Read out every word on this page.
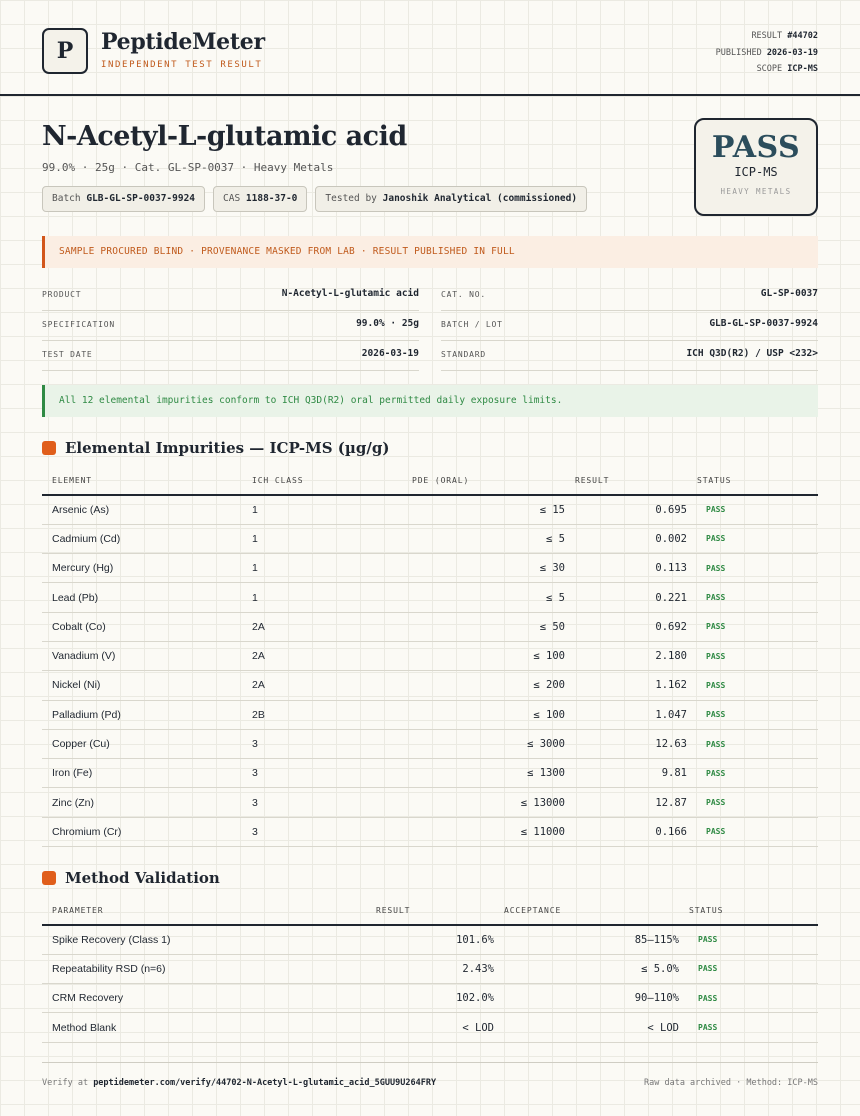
P	PeptideMeter
INDEPENDENT TEST RESULT
RESULT #44702
PUBLISHED 2026-03-19
SCOPE ICP-MS
N-Acetyl-L-glutamic acid
99.0% · 25g · Cat. GL-SP-0037 · Heavy Metals
Batch GLB-GL-SP-0037-9924	CAS 1188-37-0	Tested by Janoshik Analytical (commissioned)
PASS
ICP-MS
HEAVY METALS
SAMPLE PROCURED BLIND · PROVENANCE MASKED FROM LAB · RESULT PUBLISHED IN FULL
PRODUCT	N-Acetyl-L-glutamic acid
SPECIFICATION	99.0% · 25g
TEST DATE	2026-03-19
CAT. NO.	GL-SP-0037
BATCH / LOT	GLB-GL-SP-0037-9924
STANDARD	ICH Q3D(R2) / USP <232>
All 12 elemental impurities conform to ICH Q3D(R2) oral permitted daily exposure limits.
Elemental Impurities — ICP-MS (µg/g)
ELEMENT	ICH CLASS	PDE (ORAL)	RESULT	STATUS
Arsenic (As)	1	≤ 15	0.695	PASS
Cadmium (Cd)	1	≤ 5	0.002	PASS
Mercury (Hg)	1	≤ 30	0.113	PASS
Lead (Pb)	1	≤ 5	0.221	PASS
Cobalt (Co)	2A	≤ 50	0.692	PASS
Vanadium (V)	2A	≤ 100	2.180	PASS
Nickel (Ni)	2A	≤ 200	1.162	PASS
Palladium (Pd)	2B	≤ 100	1.047	PASS
Copper (Cu)	3	≤ 3000	12.63	PASS
Iron (Fe)	3	≤ 1300	9.81	PASS
Zinc (Zn)	3	≤ 13000	12.87	PASS
Chromium (Cr)	3	≤ 11000	0.166	PASS
Method Validation
PARAMETER	RESULT	ACCEPTANCE	STATUS
Spike Recovery (Class 1)	101.6%	85–115%	PASS
Repeatability RSD (n=6)	2.43%	≤ 5.0%	PASS
CRM Recovery	102.0%	90–110%	PASS
Method Blank	< LOD	< LOD	PASS
Verify at peptidemeter.com/verify/44702-N-Acetyl-L-glutamic_acid_5GUU9U264FRY	Raw data archived · Method: ICP-MS
